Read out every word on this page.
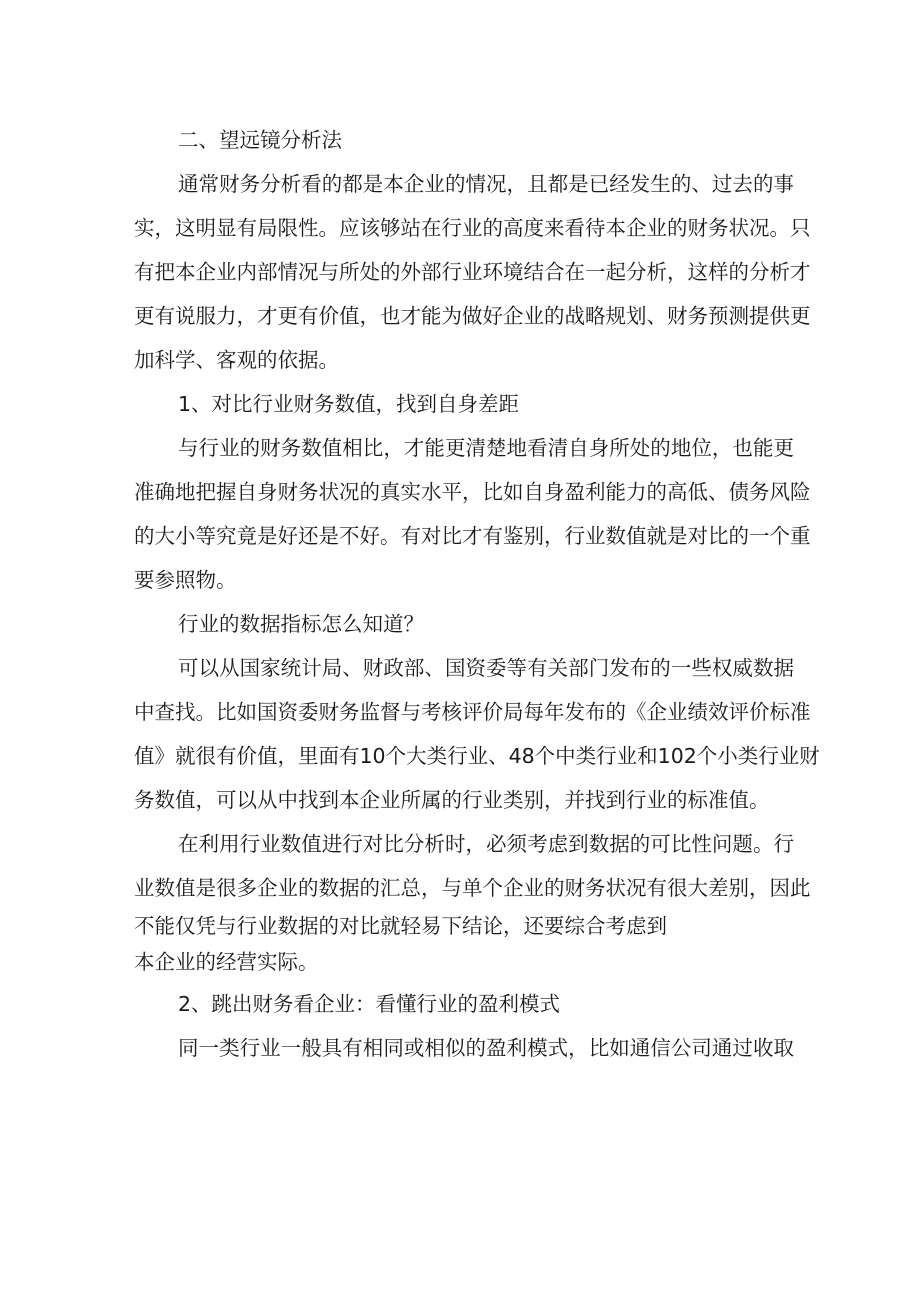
二、望远镜分析法
通常财务分析看的都是本企业的情况，且都是已经发生的、过去的事
实，这明显有局限性。应该够站在行业的高度来看待本企业的财务状况。只
有把本企业内部情况与所处的外部行业环境结合在一起分析，这样的分析才
更有说服力，才更有价值，也才能为做好企业的战略规划、财务预测提供更
加科学、客观的依据。
1、对比行业财务数值，找到自身差距
与行业的财务数值相比，才能更清楚地看清自身所处的地位，也能更
准确地把握自身财务状况的真实水平，比如自身盈利能力的高低、债务风险
的大小等究竟是好还是不好。有对比才有鉴别，行业数值就是对比的一个重
要参照物。
行业的数据指标怎么知道？
可以从国家统计局、财政部、国资委等有关部门发布的一些权威数据
中查找。比如国资委财务监督与考核评价局每年发布的《企业绩效评价标准
值》就很有价值，里面有10个大类行业、48个中类行业和102个小类行业财
务数值，可以从中找到本企业所属的行业类别，并找到行业的标准值。
在利用行业数值进行对比分析时，必须考虑到数据的可比性问题。行
业数值是很多企业的数据的汇总，与单个企业的财务状况有很大差别，因此
不能仅凭与行业数据的对比就轻易下结论，还要综合考虑到
本企业的经营实际。
2、跳出财务看企业：看懂行业的盈利模式
同一类行业一般具有相同或相似的盈利模式，比如通信公司通过收取
